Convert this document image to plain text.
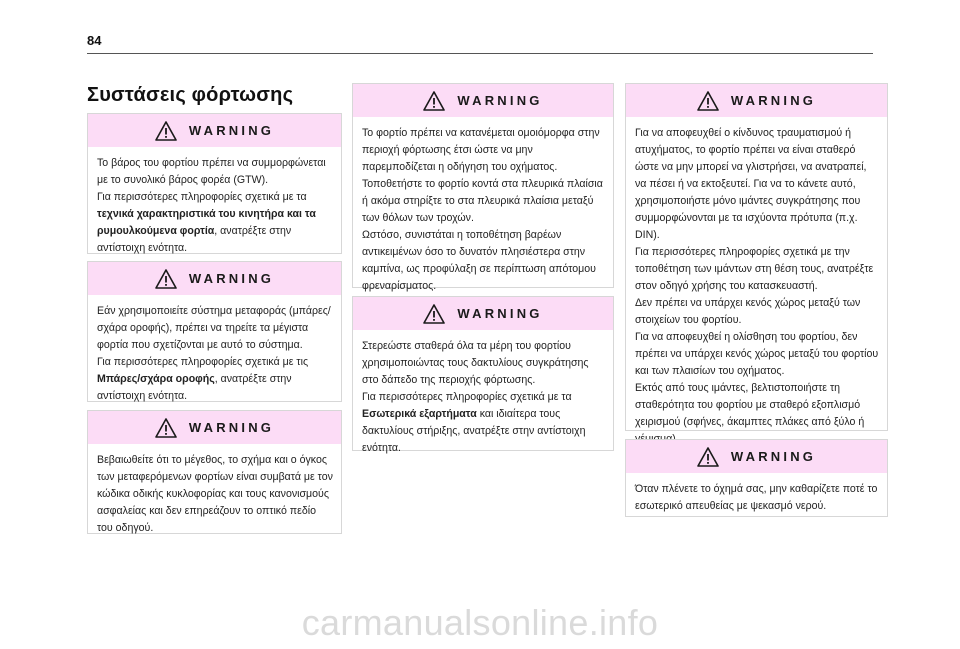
84
Συστάσεις φόρτωσης
WARNING
Το βάρος του φορτίου πρέπει να συμμορφώνεται με το συνολικό βάρος φορέα (GTW).
Για περισσότερες πληροφορίες σχετικά με τα τεχνικά χαρακτηριστικά του κινητήρα και τα ρυμουλκούμενα φορτία, ανατρέξτε στην αντίστοιχη ενότητα.
WARNING
Εάν χρησιμοποιείτε σύστημα μεταφοράς (μπάρες/σχάρα οροφής), πρέπει να τηρείτε τα μέγιστα φορτία που σχετίζονται με αυτό το σύστημα.
Για περισσότερες πληροφορίες σχετικά με τις Μπάρες/σχάρα οροφής, ανατρέξτε στην αντίστοιχη ενότητα.
WARNING
Βεβαιωθείτε ότι το μέγεθος, το σχήμα και ο όγκος των μεταφερόμενων φορτίων είναι συμβατά με τον κώδικα οδικής κυκλοφορίας και τους κανονισμούς ασφαλείας και δεν επηρεάζουν το οπτικό πεδίο του οδηγού.
WARNING
Το φορτίο πρέπει να κατανέμεται ομοιόμορφα στην περιοχή φόρτωσης έτσι ώστε να μην παρεμποδίζεται η οδήγηση του οχήματος.
Τοποθετήστε το φορτίο κοντά στα πλευρικά πλαίσια ή ακόμα στηρίξτε το στα πλευρικά πλαίσια μεταξύ των θόλων των τροχών.
Ωστόσο, συνιστάται η τοποθέτηση βαρέων αντικειμένων όσο το δυνατόν πλησιέστερα στην καμπίνα, ως προφύλαξη σε περίπτωση απότομου φρεναρίσματος.
WARNING
Στερεώστε σταθερά όλα τα μέρη του φορτίου χρησιμοποιώντας τους δακτυλίους συγκράτησης στο δάπεδο της περιοχής φόρτωσης.
Για περισσότερες πληροφορίες σχετικά με τα Εσωτερικά εξαρτήματα και ιδιαίτερα τους δακτυλίους στήριξης, ανατρέξτε στην αντίστοιχη ενότητα.
WARNING
Για να αποφευχθεί ο κίνδυνος τραυματισμού ή ατυχήματος, το φορτίο πρέπει να είναι σταθερό ώστε να μην μπορεί να γλιστρήσει, να ανατραπεί, να πέσει ή να εκτοξευτεί. Για να το κάνετε αυτό, χρησιμοποιήστε μόνο ιμάντες συγκράτησης που συμμορφώνονται με τα ισχύοντα πρότυπα (π.χ. DIN).
Για περισσότερες πληροφορίες σχετικά με την τοποθέτηση των ιμάντων στη θέση τους, ανατρέξτε στον οδηγό χρήσης του κατασκευαστή.
Δεν πρέπει να υπάρχει κενός χώρος μεταξύ των στοιχείων του φορτίου.
Για να αποφευχθεί η ολίσθηση του φορτίου, δεν πρέπει να υπάρχει κενός χώρος μεταξύ του φορτίου και των πλαισίων του οχήματος.
Εκτός από τους ιμάντες, βελτιστοποιήστε τη σταθερότητα του φορτίου με σταθερό εξοπλισμό χειρισμού (σφήνες, άκαμπτες πλάκες από ξύλο ή
WARNING
Όταν πλένετε το όχημά σας, μην καθαρίζετε ποτέ το εσωτερικό απευθείας με ψεκασμό νερού.
carmanualsonline.info
